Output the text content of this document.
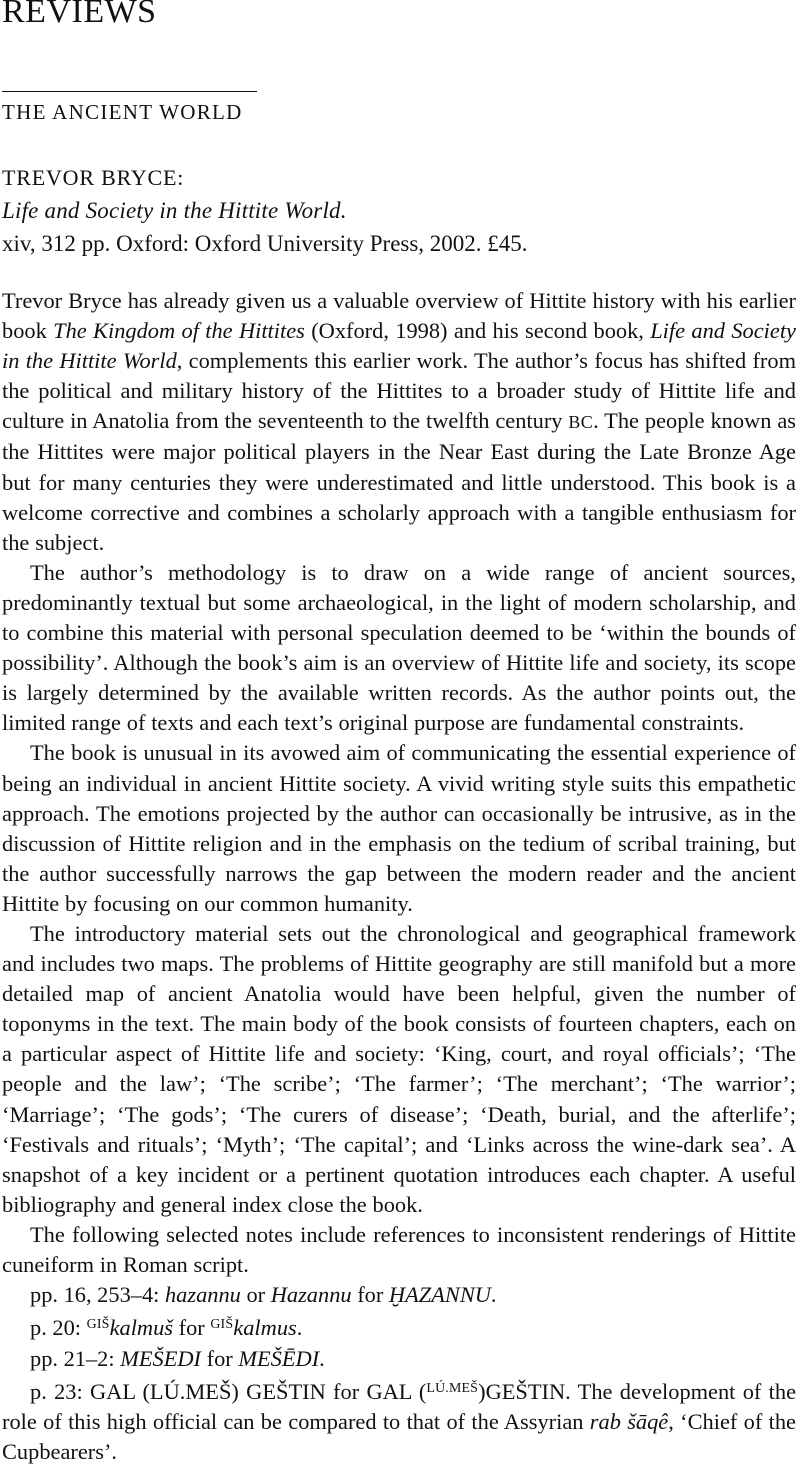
REVIEWS
THE ANCIENT WORLD
TREVOR BRYCE:
Life and Society in the Hittite World.
xiv, 312 pp. Oxford: Oxford University Press, 2002. £45.

Trevor Bryce has already given us a valuable overview of Hittite history with his earlier book The Kingdom of the Hittites (Oxford, 1998) and his second book, Life and Society in the Hittite World, complements this earlier work. The author’s focus has shifted from the political and military history of the Hittites to a broader study of Hittite life and culture in Anatolia from the seventeenth to the twelfth century BC. The people known as the Hittites were major political players in the Near East during the Late Bronze Age but for many centuries they were underestimated and little understood. This book is a welcome corrective and combines a scholarly approach with a tangible enthusiasm for the subject.

The author’s methodology is to draw on a wide range of ancient sources, predominantly textual but some archaeological, in the light of modern scholarship, and to combine this material with personal speculation deemed to be ‘within the bounds of possibility’. Although the book’s aim is an overview of Hittite life and society, its scope is largely determined by the available written records. As the author points out, the limited range of texts and each text’s original purpose are fundamental constraints.

The book is unusual in its avowed aim of communicating the essential experience of being an individual in ancient Hittite society. A vivid writing style suits this empathetic approach. The emotions projected by the author can occasionally be intrusive, as in the discussion of Hittite religion and in the emphasis on the tedium of scribal training, but the author successfully narrows the gap between the modern reader and the ancient Hittite by focusing on our common humanity.

The introductory material sets out the chronological and geographical framework and includes two maps. The problems of Hittite geography are still manifold but a more detailed map of ancient Anatolia would have been helpful, given the number of toponyms in the text. The main body of the book consists of fourteen chapters, each on a particular aspect of Hittite life and society: ‘King, court, and royal officials’; ‘The people and the law’; ‘The scribe’; ‘The farmer’; ‘The merchant’; ‘The warrior’; ‘Marriage’; ‘The gods’; ‘The curers of disease’; ‘Death, burial, and the afterlife’; ‘Festivals and rituals’; ‘Myth’; ‘The capital’; and ‘Links across the wine-dark sea’. A snapshot of a key incident or a pertinent quotation introduces each chapter. A useful bibliography and general index close the book.

The following selected notes include references to inconsistent renderings of Hittite cuneiform in Roman script.

pp. 16, 253–4: hazannu or Hazannu for ḪAZANNU.

p. 20: $^{GIŠ}$kalmuš for $^{GIŠ}$kalmus.

pp. 21–2: MEŠEDI for MEŠĒDI.

p. 23: GAL (LÚ.MEŠ) GEŠTIN for GAL ($^{LÚ.MEŠ}$)GEŠTIN. The development of the role of this high official can be compared to that of the Assyrian rab šāqê, ‘Chief of the Cupbearers’.
